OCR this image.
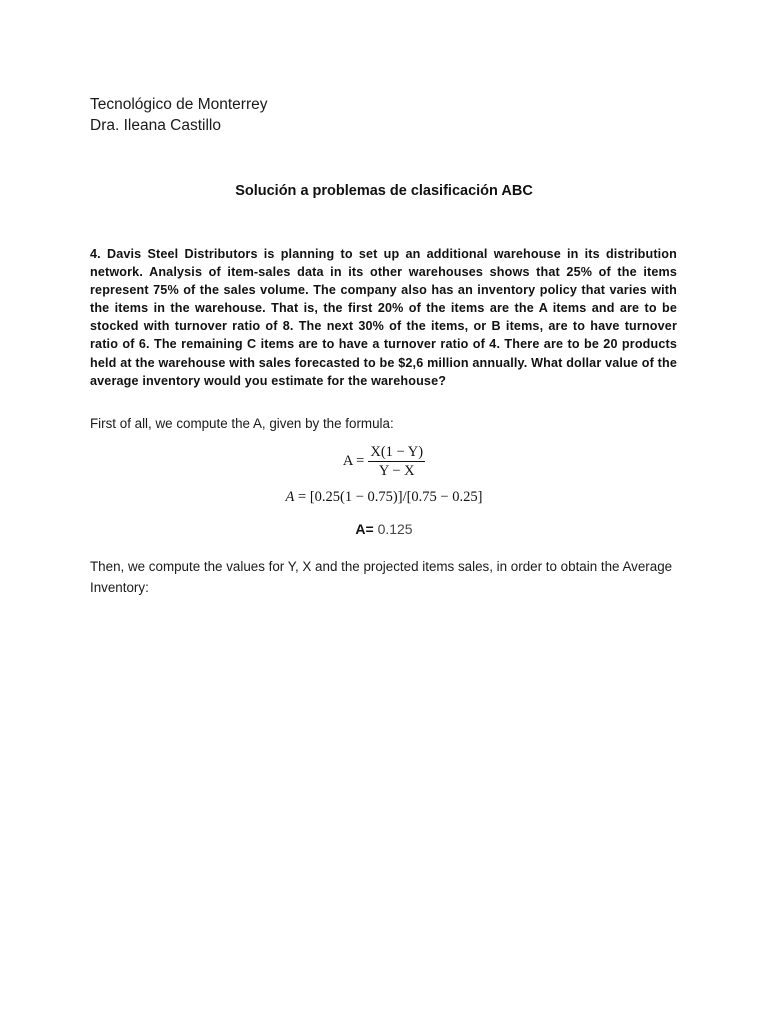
Tecnológico de Monterrey
Dra. Ileana Castillo
Solución a problemas de clasificación ABC
4. Davis Steel Distributors is planning to set up an additional warehouse in its distribution network. Analysis of item-sales data in its other warehouses shows that 25% of the items represent 75% of the sales volume. The company also has an inventory policy that varies with the items in the warehouse. That is, the first 20% of the items are the A items and are to be stocked with turnover ratio of 8. The next 30% of the items, or B items, are to have turnover ratio of 6. The remaining C items are to have a turnover ratio of 4. There are to be 20 products held at the warehouse with sales forecasted to be $2,6 million annually. What dollar value of the average inventory would you estimate for the warehouse?
First of all, we compute the A, given by the formula:
$A = \frac{X(1 - Y)}{Y - X}$
A = [0.25(1 − 0.75)]/[0.75 − 0.25]
A= 0.125
Then, we compute the values for Y, X and the projected items sales, in order to obtain the Average Inventory:
